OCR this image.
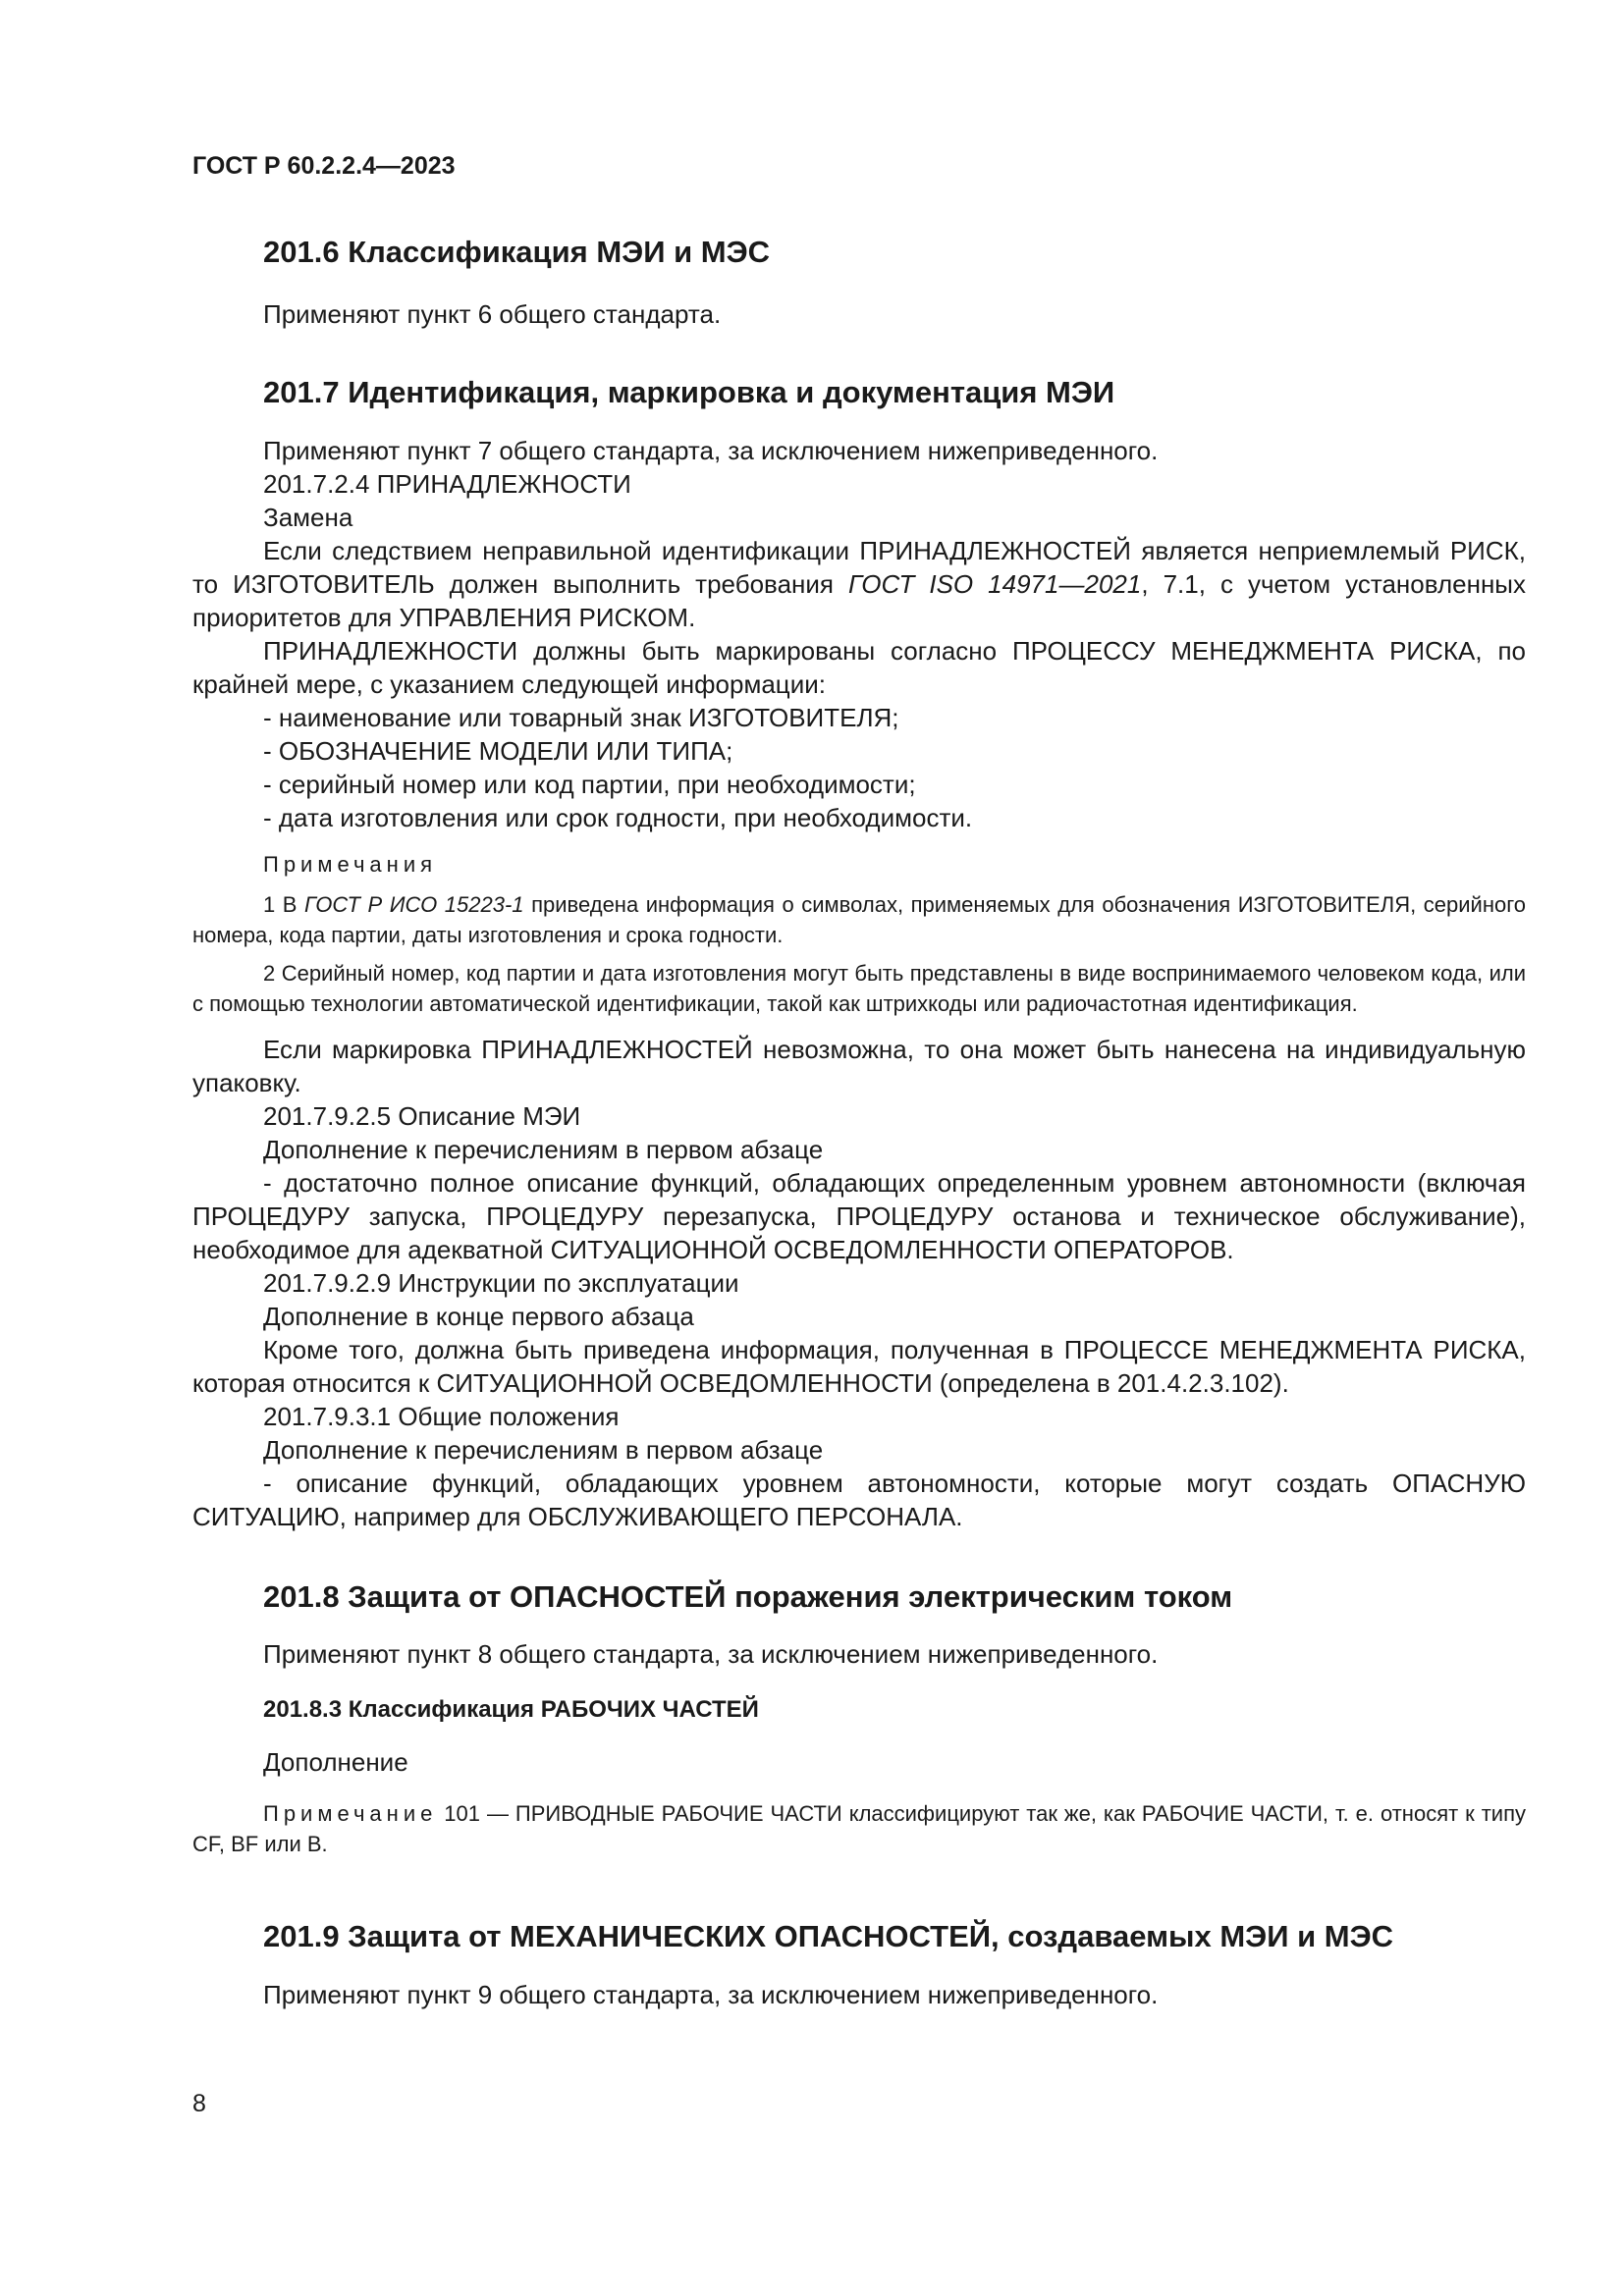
ГОСТ Р 60.2.2.4—2023

201.6 Классификация МЭИ и МЭС

Применяют пункт 6 общего стандарта.

201.7 Идентификация, маркировка и документация МЭИ

Применяют пункт 7 общего стандарта, за исключением нижеприведенного.

201.7.2.4 ПРИНАДЛЕЖНОСТИ

Замена

Если следствием неправильной идентификации ПРИНАДЛЕЖНОСТЕЙ является неприемлемый РИСК, то ИЗГОТОВИТЕЛЬ должен выполнить требования ГОСТ ISO 14971—2021, 7.1, с учетом установленных приоритетов для УПРАВЛЕНИЯ РИСКОМ.

ПРИНАДЛЕЖНОСТИ должны быть маркированы согласно ПРОЦЕССУ МЕНЕДЖМЕНТА РИСКА, по крайней мере, с указанием следующей информации:

- наименование или товарный знак ИЗГОТОВИТЕЛЯ;

- ОБОЗНАЧЕНИЕ МОДЕЛИ ИЛИ ТИПА;

- серийный номер или код партии, при необходимости;

- дата изготовления или срок годности, при необходимости.

Примечания

1 В ГОСТ Р ИСО 15223-1 приведена информация о символах, применяемых для обозначения ИЗГОТОВИТЕЛЯ, серийного номера, кода партии, даты изготовления и срока годности.

2 Серийный номер, код партии и дата изготовления могут быть представлены в виде воспринимаемого человеком кода, или с помощью технологии автоматической идентификации, такой как штрихкоды или радиочастотная идентификация.

Если маркировка ПРИНАДЛЕЖНОСТЕЙ невозможна, то она может быть нанесена на индивидуальную упаковку.

201.7.9.2.5 Описание МЭИ

Дополнение к перечислениям в первом абзаце

- достаточно полное описание функций, обладающих определенным уровнем автономности (включая ПРОЦЕДУРУ запуска, ПРОЦЕДУРУ перезапуска, ПРОЦЕДУРУ останова и техническое обслуживание), необходимое для адекватной СИТУАЦИОННОЙ ОСВЕДОМЛЕННОСТИ ОПЕРАТОРОВ.

201.7.9.2.9 Инструкции по эксплуатации

Дополнение в конце первого абзаца

Кроме того, должна быть приведена информация, полученная в ПРОЦЕССЕ МЕНЕДЖМЕНТА РИСКА, которая относится к СИТУАЦИОННОЙ ОСВЕДОМЛЕННОСТИ (определена в 201.4.2.3.102).

201.7.9.3.1 Общие положения

Дополнение к перечислениям в первом абзаце

- описание функций, обладающих уровнем автономности, которые могут создать ОПАСНУЮ СИТУАЦИЮ, например для ОБСЛУЖИВАЮЩЕГО ПЕРСОНАЛА.

201.8 Защита от ОПАСНОСТЕЙ поражения электрическим током

Применяют пункт 8 общего стандарта, за исключением нижеприведенного.

201.8.3 Классификация РАБОЧИХ ЧАСТЕЙ

Дополнение

Примечание 101 — ПРИВОДНЫЕ РАБОЧИЕ ЧАСТИ классифицируют так же, как РАБОЧИЕ ЧАСТИ, т. е. относят к типу CF, BF или B.

201.9 Защита от МЕХАНИЧЕСКИХ ОПАСНОСТЕЙ, создаваемых МЭИ и МЭС

Применяют пункт 9 общего стандарта, за исключением нижеприведенного.

8
